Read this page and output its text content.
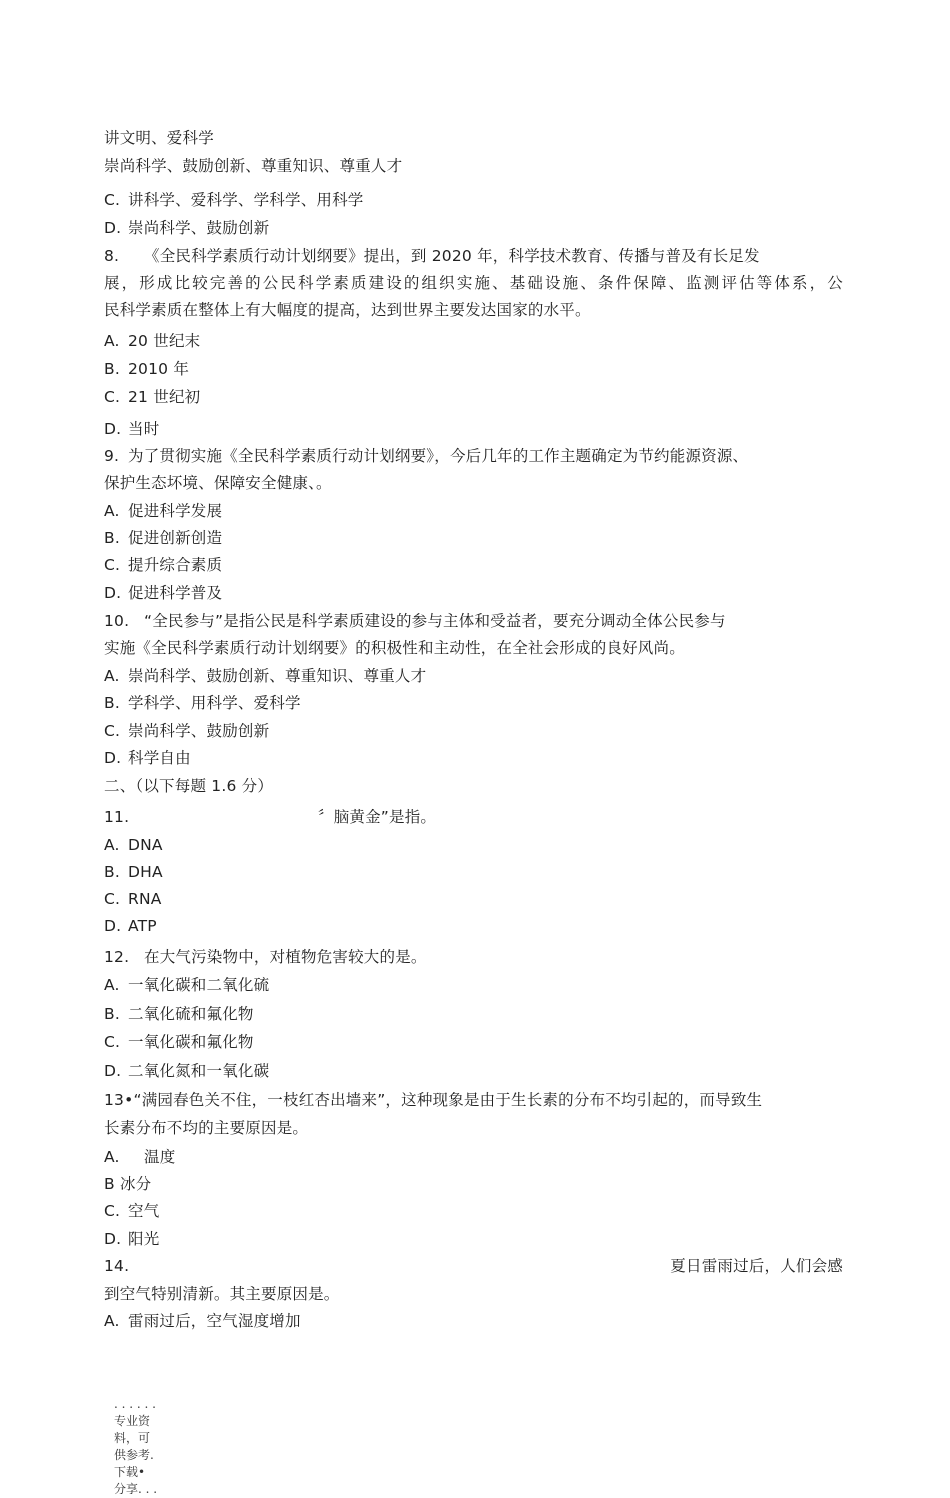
讲文明、爱科学
崇尚科学、鼓励创新、尊重知识、尊重人才
C. 讲科学、爱科学、学科学、用科学
D. 崇尚科学、鼓励创新
8. 《全民科学素质行动计划纲要》提出，到 2020 年，科学技术教育、传播与普及有长足发
展，形成比较完善的公民科学素质建设的组织实施、基础设施、条件保障、监测评估等体系，公
民科学素质在整体上有大幅度的提高，达到世界主要发达国家的水平。
A. 20 世纪末
B. 2010 年
C. 21 世纪初
D. 当时
9. 为了贯彻实施《全民科学素质行动计划纲要》，今后几年的工作主题确定为节约能源资源、
保护生态坏境、保障安全健康、。
A. 促进科学发展
B. 促进创新创造
C. 提升综合素质
D. 促进科学普及
10. “全民参与”是指公民是科学素质建设的参与主体和受益者，要充分调动全体公民参与
实施《全民科学素质行动计划纲要》的积极性和主动性，在全社会形成的良好风尚。
A. 崇尚科学、鼓励创新、尊重知识、尊重人才
B. 学科学、用科学、爱科学
C. 崇尚科学、鼓励创新
D. 科学自由
二、（以下每题 1.6 分）
11.	〞脑黄金”是指。
A. DNA
B. DHA
C. RNA
D. ATP
12. 在大气污染物中，对植物危害较大的是。
A. 一氧化碳和二氧化硫
B. 二氧化硫和氟化物
C. 一氧化碳和氟化物
D. 二氧化氮和一氧化碳
13•“满园春色关不住，一枝红杏出墙来”，这种现象是由于生长素的分布不均引起的，而导致生
长素分布不均的主要原因是。
A. 温度
B 冰分
C. 空气
D. 阳光
14.	夏日雷雨过后，人们会感
到空气特别清新。其主要原因是。
A. 雷雨过后，空气湿度增加
. . . . . .
专业资
料，可
供参考.
下载•
分享. . .
